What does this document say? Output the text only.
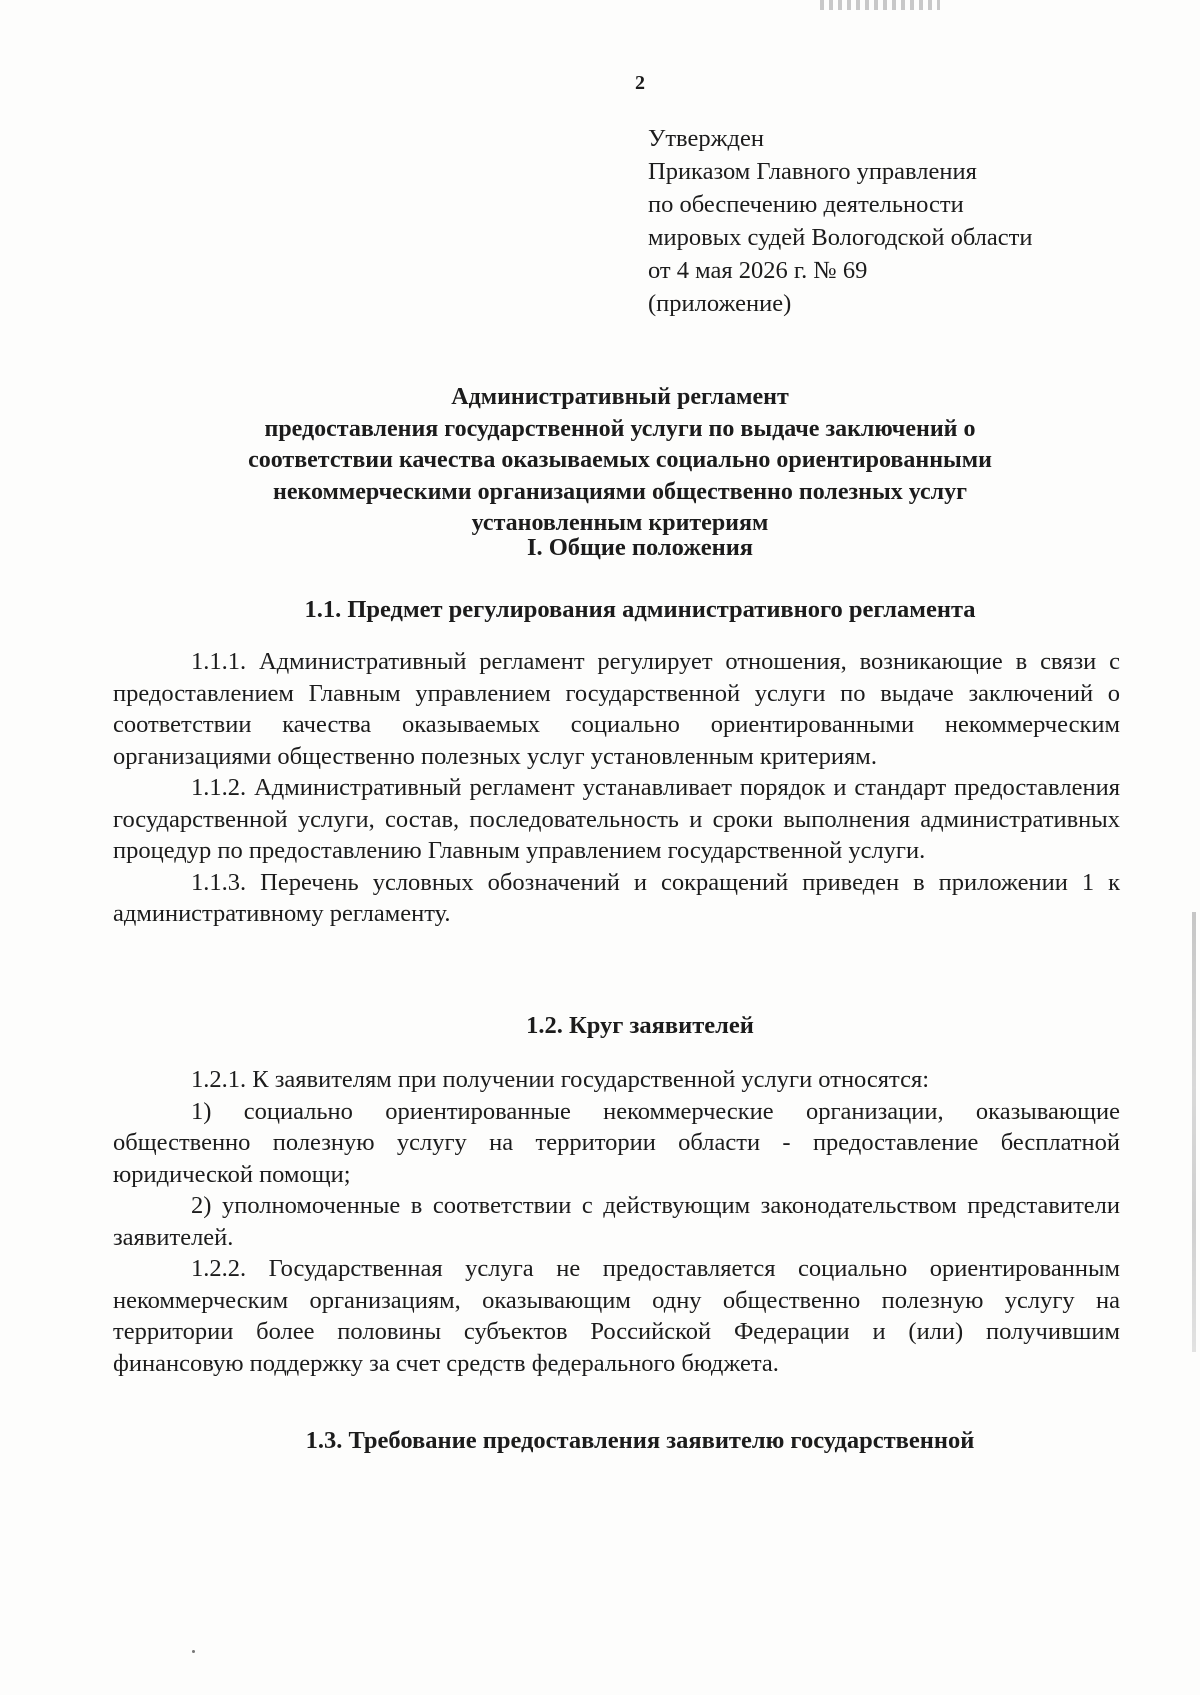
2
Утвержден
Приказом Главного управления
по обеспечению деятельности
мировых судей Вологодской области
от 4 мая 2026 г. № 69
(приложение)
Административный регламент
предоставления государственной услуги по выдаче заключений о
соответствии качества оказываемых социально ориентированными
некоммерческими организациями общественно полезных услуг
установленным критериям
I. Общие положения
1.1. Предмет регулирования административного регламента

1.1.1. Административный регламент регулирует отношения, возникающие в связи с предоставлением Главным управлением государственной услуги по выдаче заключений о соответствии качества оказываемых социально ориентированными некоммерческим организациями общественно полезных услуг установленным критериям.

1.1.2. Административный регламент устанавливает порядок и стандарт предоставления государственной услуги, состав, последовательность и сроки выполнения административных процедур по предоставлению Главным управлением государственной услуги.

1.1.3. Перечень условных обозначений и сокращений приведен в приложении 1 к административному регламенту.

1.2. Круг заявителей

1.2.1. К заявителям при получении государственной услуги относятся:

1) социально ориентированные некоммерческие организации, оказывающие общественно полезную услугу на территории области - предоставление бесплатной юридической помощи;

2) уполномоченные в соответствии с действующим законодательством представители заявителей.

1.2.2. Государственная услуга не предоставляется социально ориентированным некоммерческим организациям, оказывающим одну общественно полезную услугу на территории более половины субъектов Российской Федерации и (или) получившим финансовую поддержку за счет средств федерального бюджета.

1.3. Требование предоставления заявителю государственной
